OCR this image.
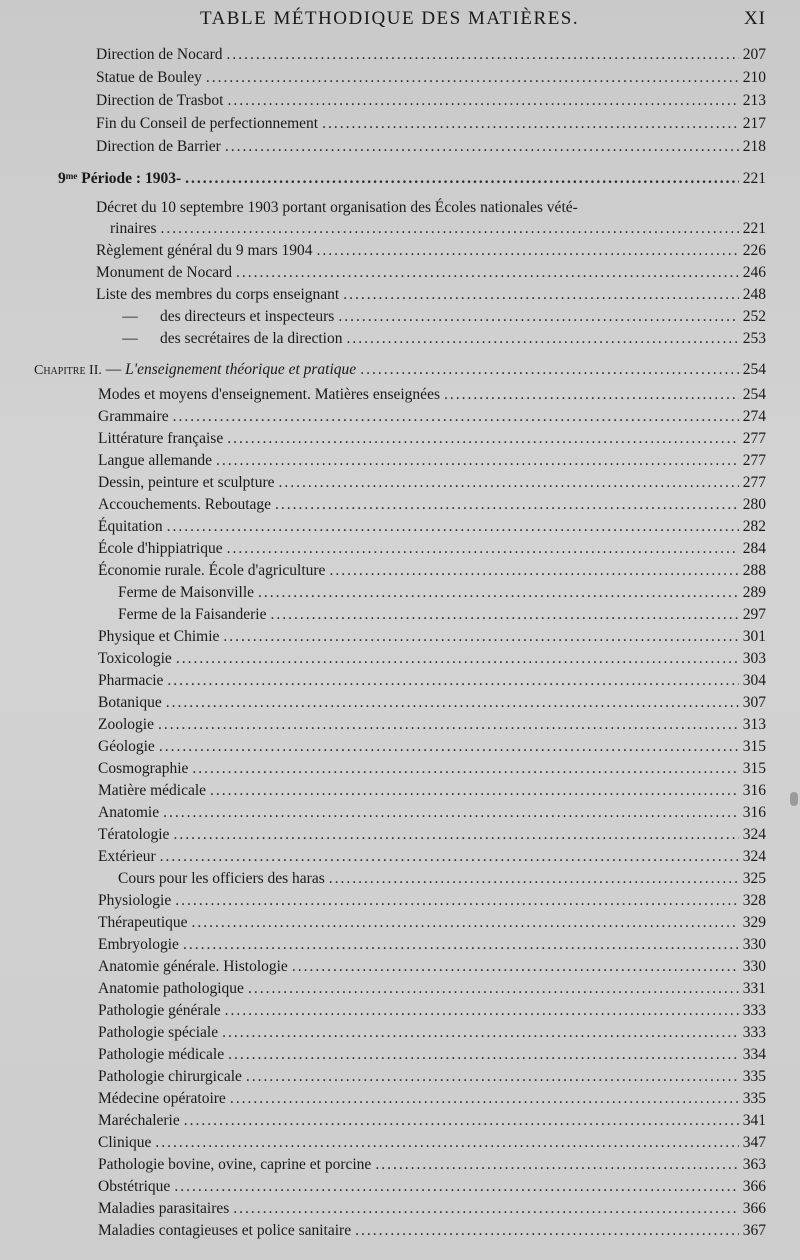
TABLE MÉTHODIQUE DES MATIÈRES.	XI
Direction de Nocard .....	207
Statue de Bouley .....	210
Direction de Trasbot .....	213
Fin du Conseil de perfectionnement .....	217
Direction de Barrier .....	218
9ᵐᵉ Période : 1903- .....	221
Décret du 10 septembre 1903 portant organisation des Écoles nationales vété-
rinaires .....	221
Règlement général du 9 mars 1904 .....	226
Monument de Nocard .....	246
Liste des membres du corps enseignant .....	248
— des directeurs et inspecteurs .....	252
— des secrétaires de la direction .....	253
Chapitre II. — L'enseignement théorique et pratique .....	254
Modes et moyens d'enseignement. Matières enseignées .....	254
Grammaire .....	274
Littérature française .....	277
Langue allemande .....	277
Dessin, peinture et sculpture .....	277
Accouchements. Reboutage .....	280
Équitation .....	282
École d'hippiatrique .....	284
Économie rurale. École d'agriculture .....	288
Ferme de Maisonville .....	289
Ferme de la Faisanderie .....	297
Physique et Chimie .....	301
Toxicologie .....	303
Pharmacie .....	304
Botanique .....	307
Zoologie .....	313
Géologie .....	315
Cosmographie .....	315
Matière médicale .....	316
Anatomie .....	316
Tératologie .....	324
Extérieur .....	324
Cours pour les officiers des haras .....	325
Physiologie .....	328
Thérapeutique .....	329
Embryologie .....	330
Anatomie générale. Histologie .....	330
Anatomie pathologique .....	331
Pathologie générale .....	333
Pathologie spéciale .....	333
Pathologie médicale .....	334
Pathologie chirurgicale .....	335
Médecine opératoire .....	335
Maréchalerie .....	341
Clinique .....	347
Pathologie bovine, ovine, caprine et porcine .....	363
Obstétrique .....	366
Maladies parasitaires .....	366
Maladies contagieuses et police sanitaire .....	367
